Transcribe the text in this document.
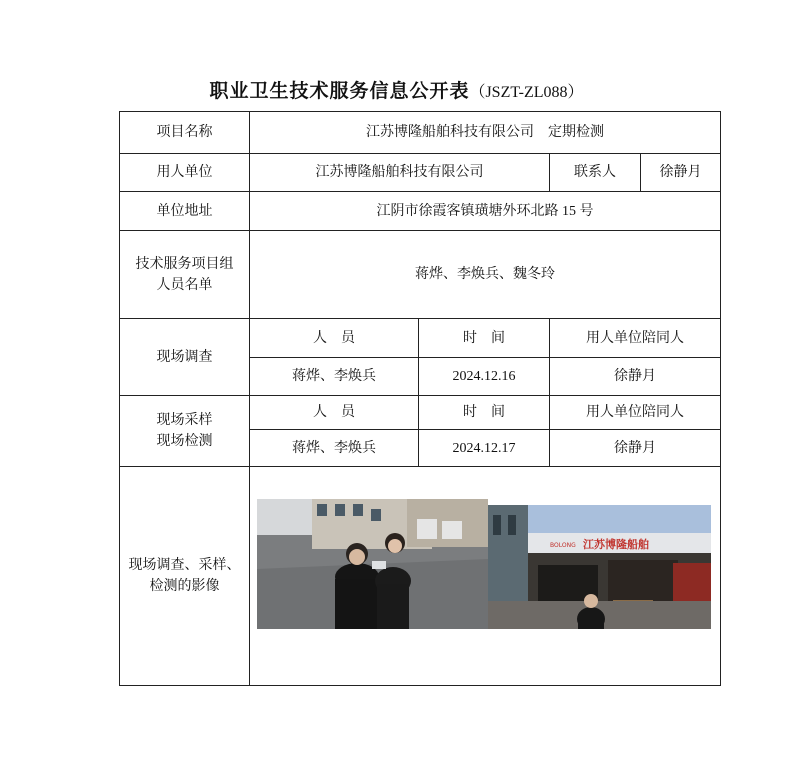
职业卫生技术服务信息公开表（JSZT-ZL088）
项目名称	江苏博隆船舶科技有限公司　定期检测			
用人单位	江苏博隆船舶科技有限公司		联系人	徐静月
单位地址	江阴市徐霞客镇璜塘外环北路 15 号			

技术服务项目组人员名单	蒋烨、李焕兵、魏冬玲			
现场调查	人　员	时　间	用人单位陪同人	
	蒋烨、李焕兵	2024.12.16	徐静月	

现场采样现场检测	人　员	时　间	用人单位陪同人	
	蒋烨、李焕兵	2024.12.17	徐静月	

现场调查、采样、检测的影像	BOLONG 江苏博隆船舶			
